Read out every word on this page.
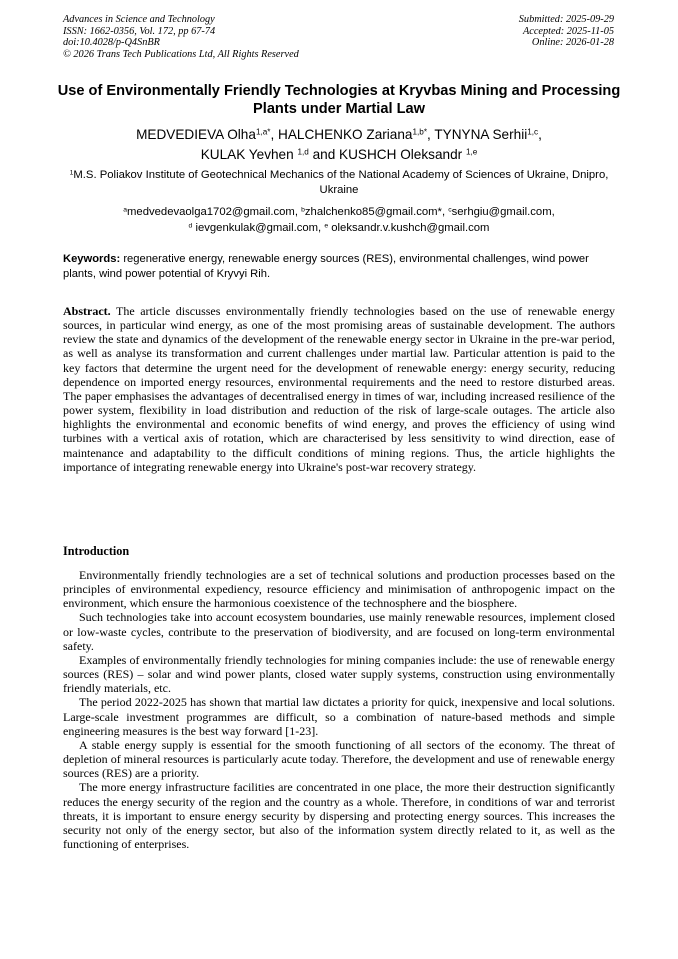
Advances in Science and Technology
ISSN: 1662-0356, Vol. 172, pp 67-74
doi:10.4028/p-Q4SnBR
© 2026 Trans Tech Publications Ltd, All Rights Reserved
Submitted: 2025-09-29
Accepted: 2025-11-05
Online: 2026-01-28
Use of Environmentally Friendly Technologies at Kryvbas Mining and Processing Plants under Martial Law
MEDVEDIEVA Olha$^{1,a*}$, HALCHENKO Zariana$^{1,b*}$, TYNYNA Serhii$^{1,c}$,
KULAK Yevhen $^{1,d}$ and KUSHCH Oleksandr $^{1,e}$
$^1$M.S. Poliakov Institute of Geotechnical Mechanics of the National Academy of Sciences of Ukraine, Dnipro, Ukraine
$^a$medvedevaolga1702@gmail.com, $^b$zhalchenko85@gmail.com*, $^c$serhgiu@gmail.com,
$^d$ ievgenkulak@gmail.com, $^e$ oleksandr.v.kushch@gmail.com
Keywords: regenerative energy, renewable energy sources (RES), environmental challenges, wind power plants, wind power potential of Kryvyi Rih.
Abstract. The article discusses environmentally friendly technologies based on the use of renewable energy sources, in particular wind energy, as one of the most promising areas of sustainable development. The authors review the state and dynamics of the development of the renewable energy sector in Ukraine in the pre-war period, as well as analyse its transformation and current challenges under martial law. Particular attention is paid to the key factors that determine the urgent need for the development of renewable energy: energy security, reducing dependence on imported energy resources, environmental requirements and the need to restore disturbed areas. The paper emphasises the advantages of decentralised energy in times of war, including increased resilience of the power system, flexibility in load distribution and reduction of the risk of large-scale outages. The article also highlights the environmental and economic benefits of wind energy, and proves the efficiency of using wind turbines with a vertical axis of rotation, which are characterised by less sensitivity to wind direction, ease of maintenance and adaptability to the difficult conditions of mining regions. Thus, the article highlights the importance of integrating renewable energy into Ukraine's post-war recovery strategy.
Introduction

Environmentally friendly technologies are a set of technical solutions and production processes based on the principles of environmental expediency, resource efficiency and minimisation of anthropogenic impact on the environment, which ensure the harmonious coexistence of the technosphere and the biosphere.

Such technologies take into account ecosystem boundaries, use mainly renewable resources, implement closed or low-waste cycles, contribute to the preservation of biodiversity, and are focused on long-term environmental safety.

Examples of environmentally friendly technologies for mining companies include: the use of renewable energy sources (RES) – solar and wind power plants, closed water supply systems, construction using environmentally friendly materials, etc.

The period 2022-2025 has shown that martial law dictates a priority for quick, inexpensive and local solutions. Large-scale investment programmes are difficult, so a combination of nature-based methods and simple engineering measures is the best way forward [1-23].

A stable energy supply is essential for the smooth functioning of all sectors of the economy. The threat of depletion of mineral resources is particularly acute today. Therefore, the development and use of renewable energy sources (RES) are a priority.

The more energy infrastructure facilities are concentrated in one place, the more their destruction significantly reduces the energy security of the region and the country as a whole. Therefore, in conditions of war and terrorist threats, it is important to ensure energy security by dispersing and protecting energy sources. This increases the security not only of the energy sector, but also of the information system directly related to it, as well as the functioning of enterprises.
